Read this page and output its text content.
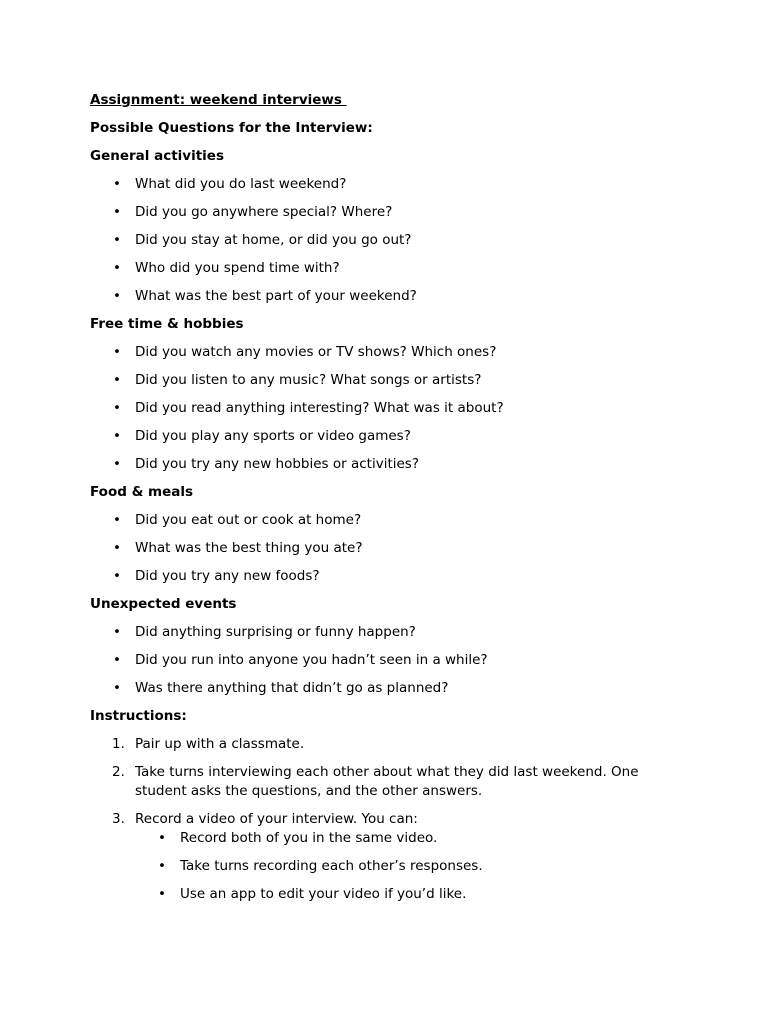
Assignment: weekend interviews
Possible Questions for the Interview:
General activities
• What did you do last weekend?
• Did you go anywhere special? Where?
• Did you stay at home, or did you go out?
• Who did you spend time with?
• What was the best part of your weekend?
Free time & hobbies
• Did you watch any movies or TV shows? Which ones?
• Did you listen to any music? What songs or artists?
• Did you read anything interesting? What was it about?
• Did you play any sports or video games?
• Did you try any new hobbies or activities?
Food & meals
• Did you eat out or cook at home?
• What was the best thing you ate?
• Did you try any new foods?
Unexpected events
• Did anything surprising or funny happen?
• Did you run into anyone you hadn’t seen in a while?
• Was there anything that didn’t go as planned?
Instructions:
1. Pair up with a classmate.
2. Take turns interviewing each other about what they did last weekend. One student asks the questions, and the other answers.
3. Record a video of your interview. You can:
• Record both of you in the same video.
• Take turns recording each other’s responses.
• Use an app to edit your video if you’d like.
